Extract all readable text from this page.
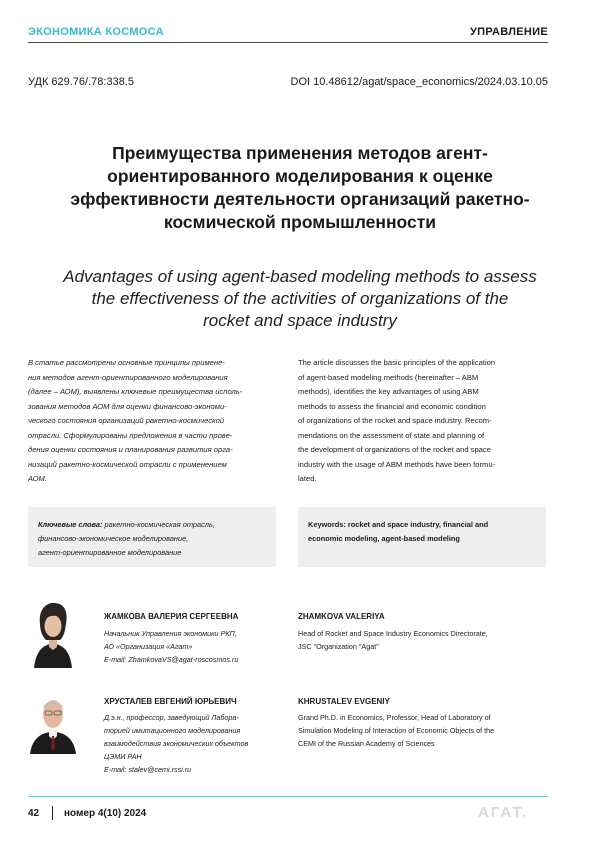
ЭКОНОМИКА КОСМОСА	УПРАВЛЕНИЕ
УДК 629.76/.78:338.5	DOI 10.48612/agat/space_economics/2024.03.10.05
Преимущества применения методов агент-
ориентированного моделирования к оценке
эффективности деятельности организаций ракетно-
космической промышленности
Advantages of using agent-based modeling methods to assess
the effectiveness of the activities of organizations of the
rocket and space industry
В статье рассмотрены основные принципы примене-
ния методов агент-ориентированного моделирования
(далее – АОМ), выявлены ключевые преимущества исполь-
зования методов АОМ для оценки финансово-экономи-
ческого состояния организаций ракетно-космической
отрасли. Сформулированы предложения в части прове-
дения оценки состояния и планирования развития орга-
низаций ракетно-космической отрасли с применением
АОМ.
The article discusses the basic principles of the application
of agent-based modeling methods (hereinafter – ABM
methods), identifies the key advantages of using ABM
methods to assess the financial and economic condition
of organizations of the rocket and space industry. Recom-
mendations on the assessment of state and planning of
the development of organizations of the rocket and space
industry with the usage of ABM methods have been formu-
lated.
Ключевые слова: ракетно-космическая отрасль,
финансово-экономическое моделирование,
агент-ориентированное моделирование
Keywords: rocket and space industry, financial and
economic modeling, agent-based modeling
ЖАМКОВА ВАЛЕРИЯ СЕРГЕЕВНА
Начальник Управления экономики РКП,
АО «Организация «Агат»
E-mail: ZhamkovaVS@agat-roscosmos.ru
ZHAMKOVA VALERIYA
Head of Rocket and Space Industry Economics Directorate,
JSC "Organization "Agat"
ХРУСТАЛЕВ ЕВГЕНИЙ ЮРЬЕВИЧ
Д.э.н., профессор, заведующий Лабора-
торией имитационного моделирования
взаимодействия экономических объектов
ЦЭМИ РАН
E-mail: stalev@cemi.rssi.ru
KHRUSTALEV EVGENIY
Grand Ph.D. in Economics, Professor, Head of Laboratory of
Simulation Modeling of Interaction of Economic Objects of the
CEMI of the Russian Academy of Sciences
42 номер 4(10) 2024	АГАТ.
